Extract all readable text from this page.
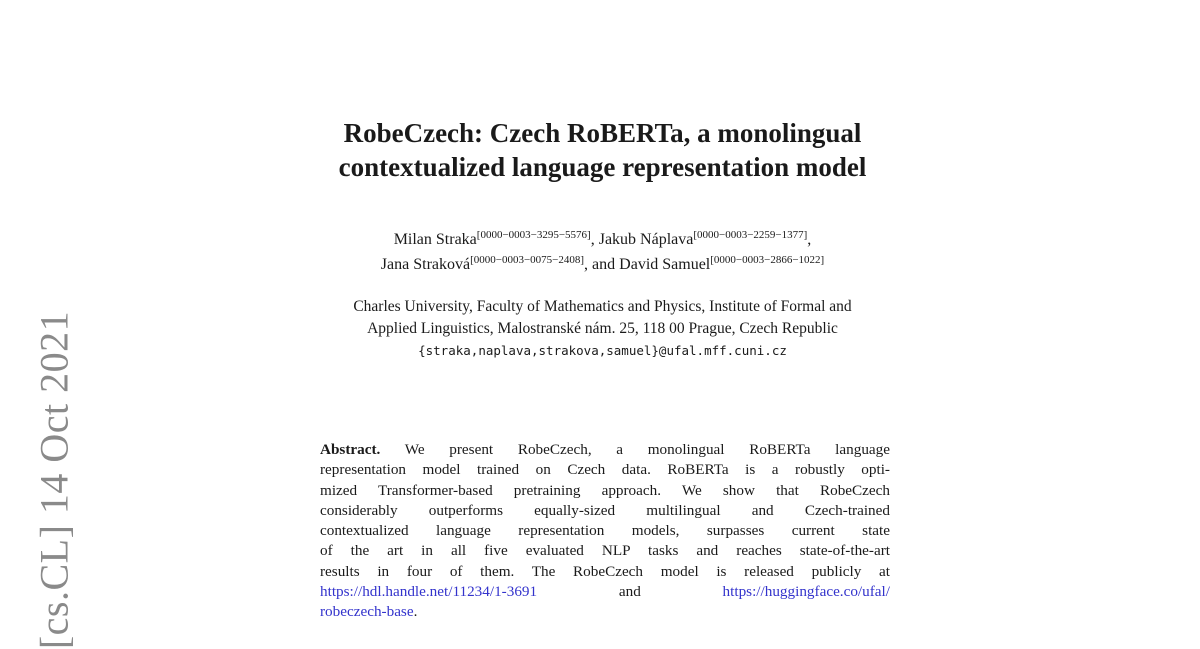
[cs.CL] 14 Oct 2021
RobeCzech: Czech RoBERTa, a monolingual
contextualized language representation model

Milan Straka[0000−0003−3295−5576], Jakub Náplava[0000−0003−2259−1377],
Jana Straková[0000−0003−0075−2408], and David Samuel[0000−0003−2866−1022]

Charles University, Faculty of Mathematics and Physics, Institute of Formal and
Applied Linguistics, Malostranské nám. 25, 118 00 Prague, Czech Republic
{straka,naplava,strakova,samuel}@ufal.mff.cuni.cz

Abstract. We present RobeCzech, a monolingual RoBERTa language
representation model trained on Czech data. RoBERTa is a robustly opti-
mized Transformer-based pretraining approach. We show that RobeCzech
considerably outperforms equally-sized multilingual and Czech-trained
contextualized language representation models, surpasses current state
of the art in all five evaluated NLP tasks and reaches state-of-the-art
results in four of them. The RobeCzech model is released publicly at
https://hdl.handle.net/11234/1-3691	and	https://huggingface.co/ufal/
robeczech-base.
